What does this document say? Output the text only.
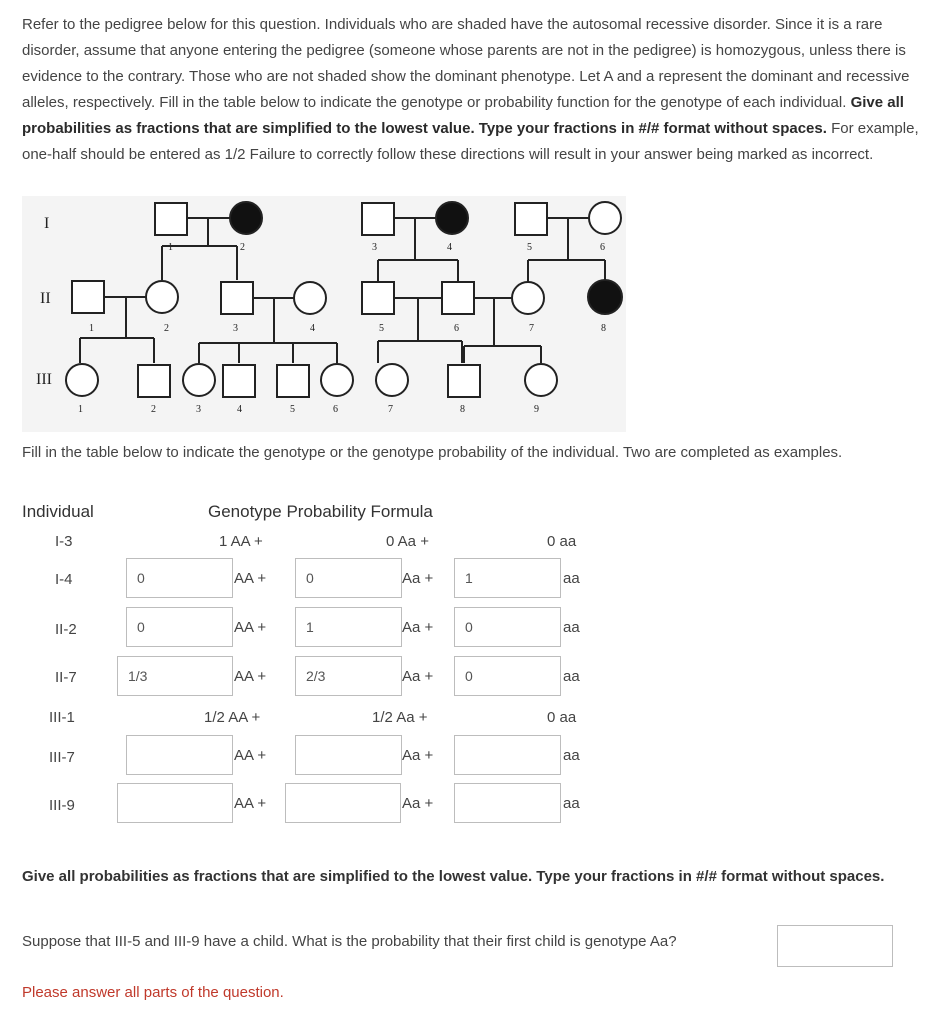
Refer to the pedigree below for this question. Individuals who are shaded have the autosomal recessive disorder. Since it is a rare disorder, assume that anyone entering the pedigree (someone whose parents are not in the pedigree) is homozygous, unless there is evidence to the contrary. Those who are not shaded show the dominant phenotype. Let A and a represent the dominant and recessive alleles, respectively. Fill in the table below to indicate the genotype or probability function for the genotype of each individual. Give all probabilities as fractions that are simplified to the lowest value. Type your fractions in #/# format without spaces. For example, one-half should be entered as 1/2 Failure to correctly follow these directions will result in your answer being marked as incorrect.
I
II
III
1	2	3	4	5	6
1	2	3	4	5	6	7	8
1	2	3	4	5	6	7	8	9
Fill in the table below to indicate the genotype or the genotype probability of the individual. Two are completed as examples.
Individual	Genotype Probability Formula
I-3	1 AA +	0 Aa +	0 aa
I-4	0	AA +	0	Aa +	1	aa
II-2	0	AA +	1	Aa +	0	aa
II-7	1/3	AA +	2/3	Aa +	0	aa
III-1	1/2 AA +	1/2 Aa +	0 aa
III-7	AA +	Aa +	aa
III-9	AA +	Aa +	aa
Give all probabilities as fractions that are simplified to the lowest value. Type your fractions in #/# format without spaces.
Suppose that III-5 and III-9 have a child. What is the probability that their first child is genotype Aa?
Please answer all parts of the question.
